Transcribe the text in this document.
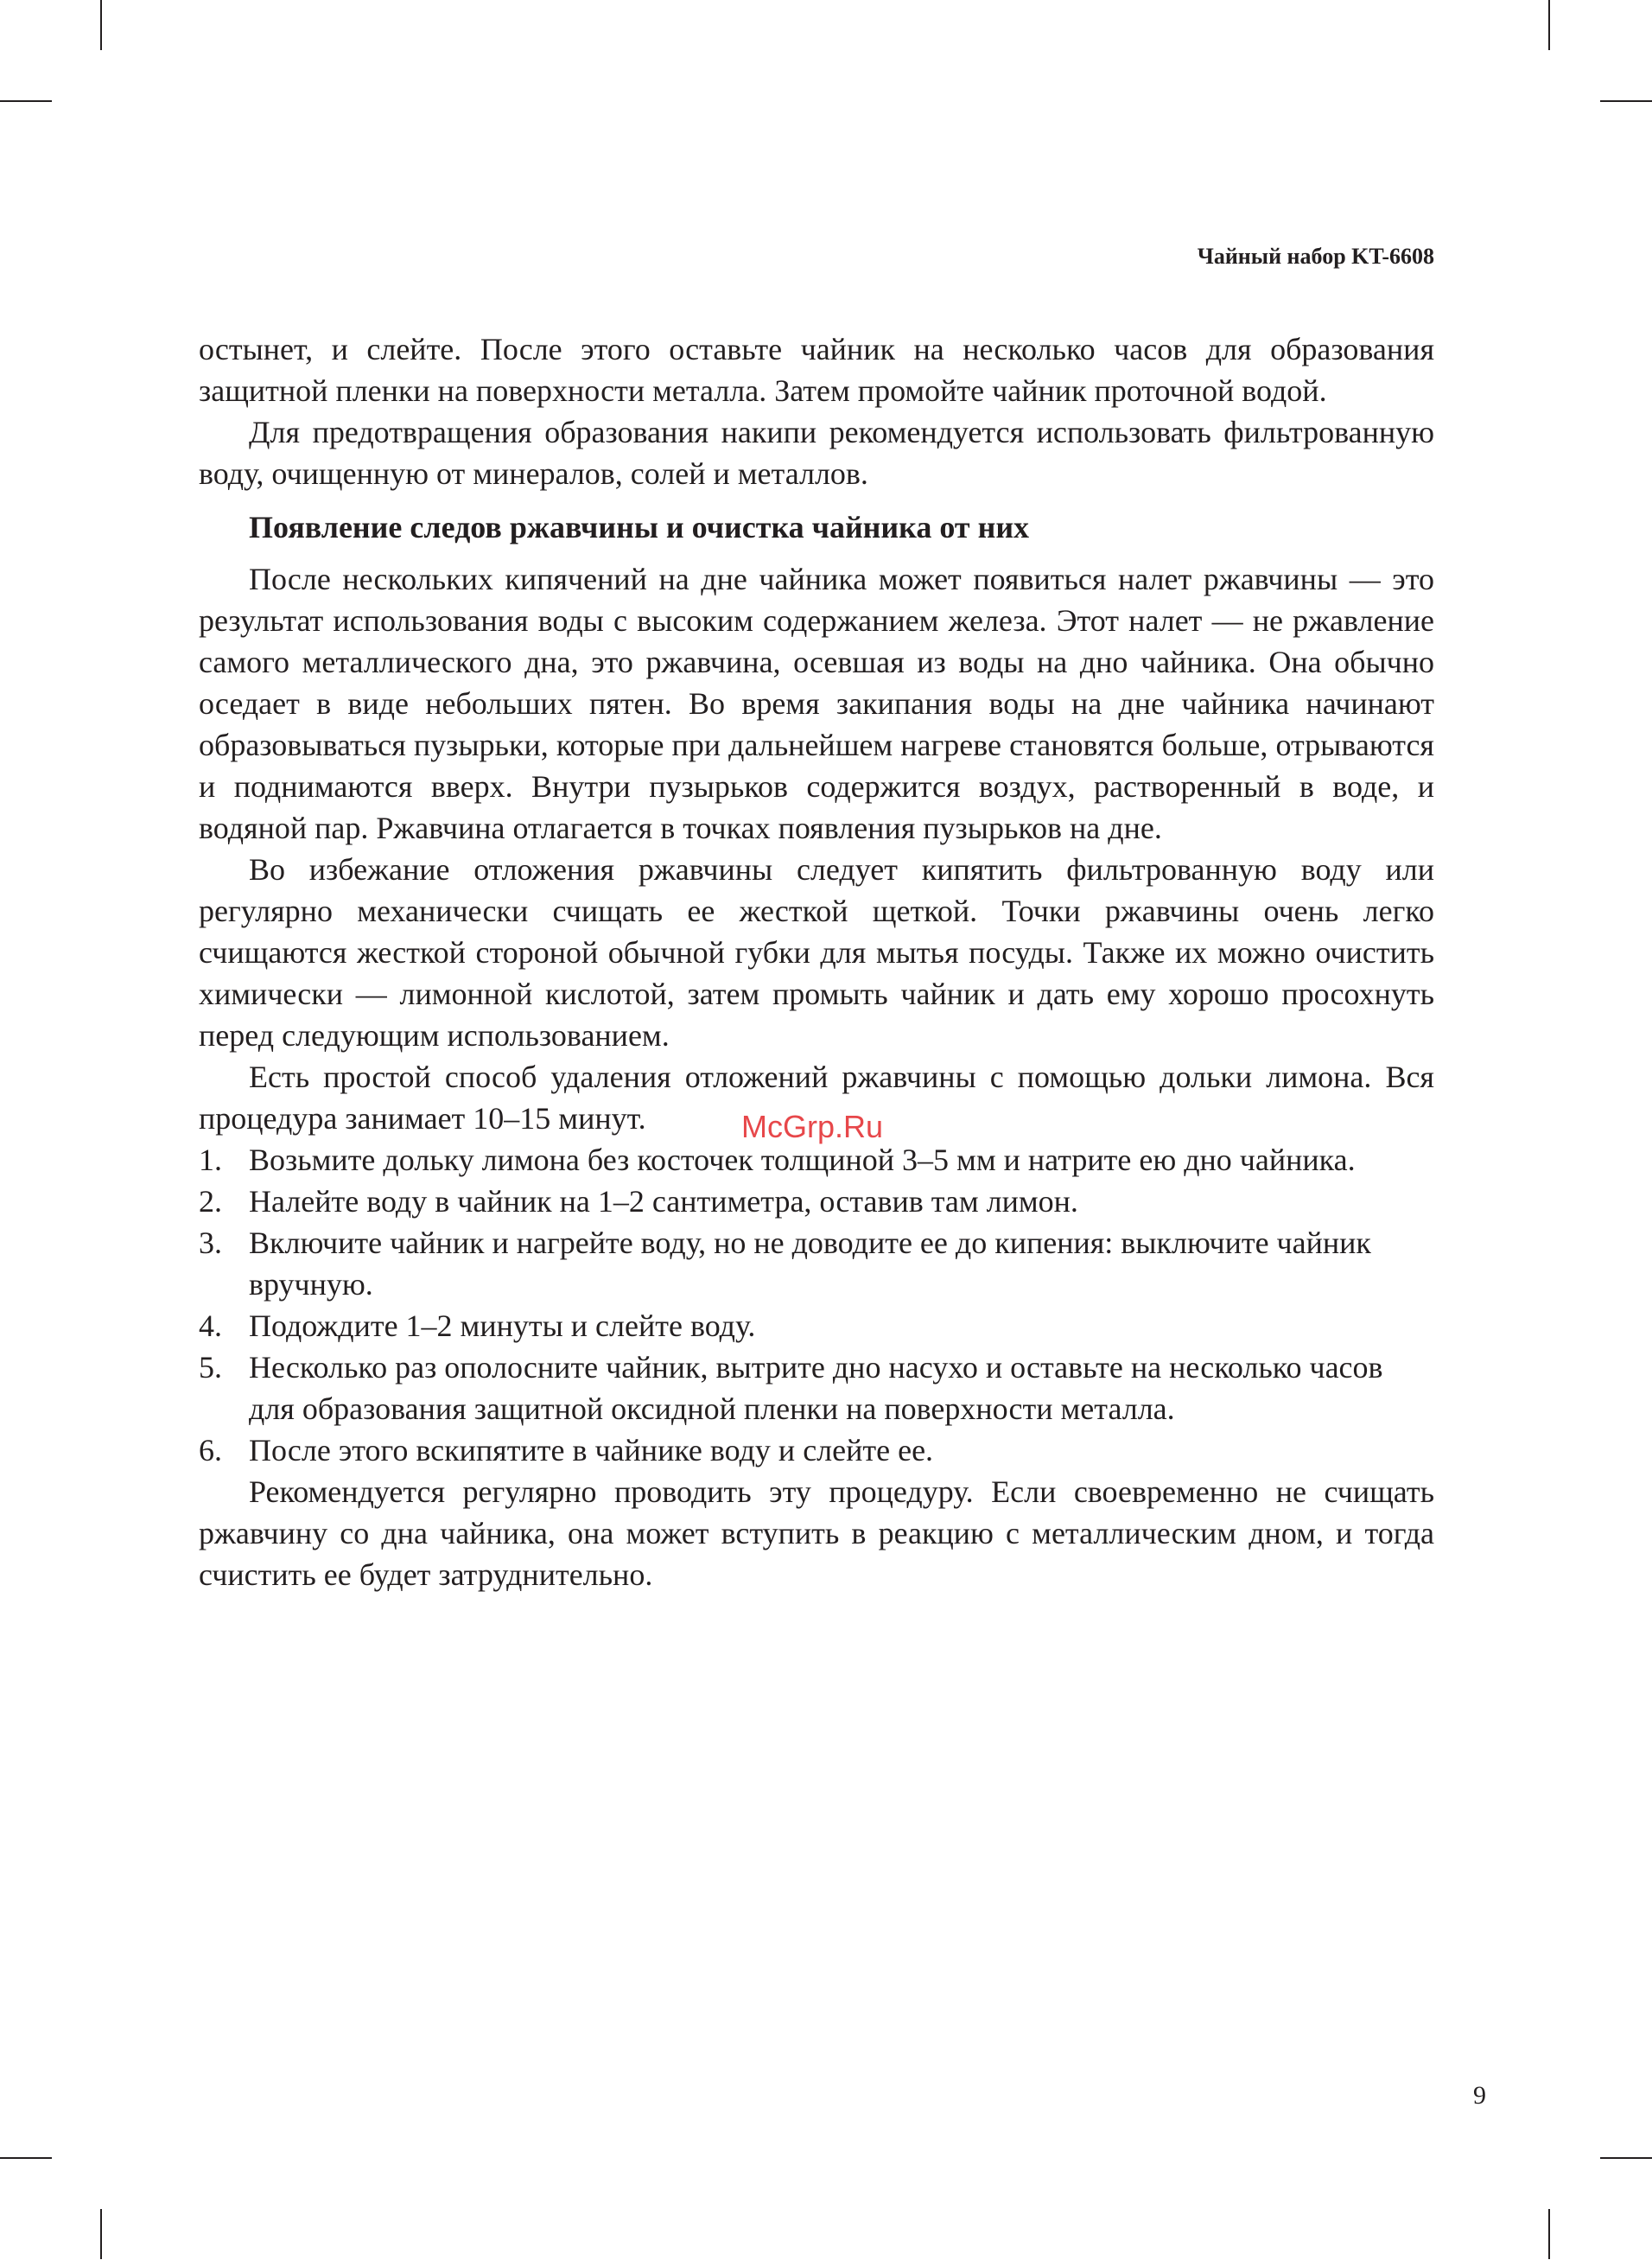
Чайный набор KT-6608

остынет, и слейте. После этого оставьте чайник на несколько часов для образования защитной пленки на поверхности металла. Затем промойте чайник проточной водой.

Для предотвращения образования накипи рекомендуется использовать фильтрованную воду, очищенную от минералов, солей и металлов.

Появление следов ржавчины и очистка чайника от них

После нескольких кипячений на дне чайника может появиться налет ржавчины — это результат использования воды с высоким содержанием железа. Этот налет — не ржавление самого металлического дна, это ржавчина, осевшая из воды на дно чайника. Она обычно оседает в виде небольших пятен. Во время закипания воды на дне чайника начинают образовываться пузырьки, которые при дальнейшем нагреве становятся больше, отрываются и поднимаются вверх. Внутри пузырьков содержится воздух, растворенный в воде, и водяной пар. Ржавчина отлагается в точках появления пузырьков на дне.

Во избежание отложения ржавчины следует кипятить фильтрованную воду или регулярно механически счищать ее жесткой щеткой. Точки ржавчины очень легко счищаются жесткой стороной обычной губки для мытья посуды. Также их можно очистить химически — лимонной кислотой, затем промыть чайник и дать ему хорошо просохнуть перед следующим использованием.

Есть простой способ удаления отложений ржавчины с помощью дольки лимона. Вся процедура занимает 10–15 минут.

1. Возьмите дольку лимона без косточек толщиной 3–5 мм и натрите ею дно чайника.
2. Налейте воду в чайник на 1–2 сантиметра, оставив там лимон.
3. Включите чайник и нагрейте воду, но не доводите ее до кипения: выключите чайник вручную.
4. Подождите 1–2 минуты и слейте воду.
5. Несколько раз ополосните чайник, вытрите дно насухо и оставьте на несколько часов для образования защитной оксидной пленки на поверхности металла.
6. После этого вскипятите в чайнике воду и слейте ее.

Рекомендуется регулярно проводить эту процедуру. Если своевременно не счищать ржавчину со дна чайника, она может вступить в реакцию с металлическим дном, и тогда счистить ее будет затруднительно.

McGrp.Ru
9
